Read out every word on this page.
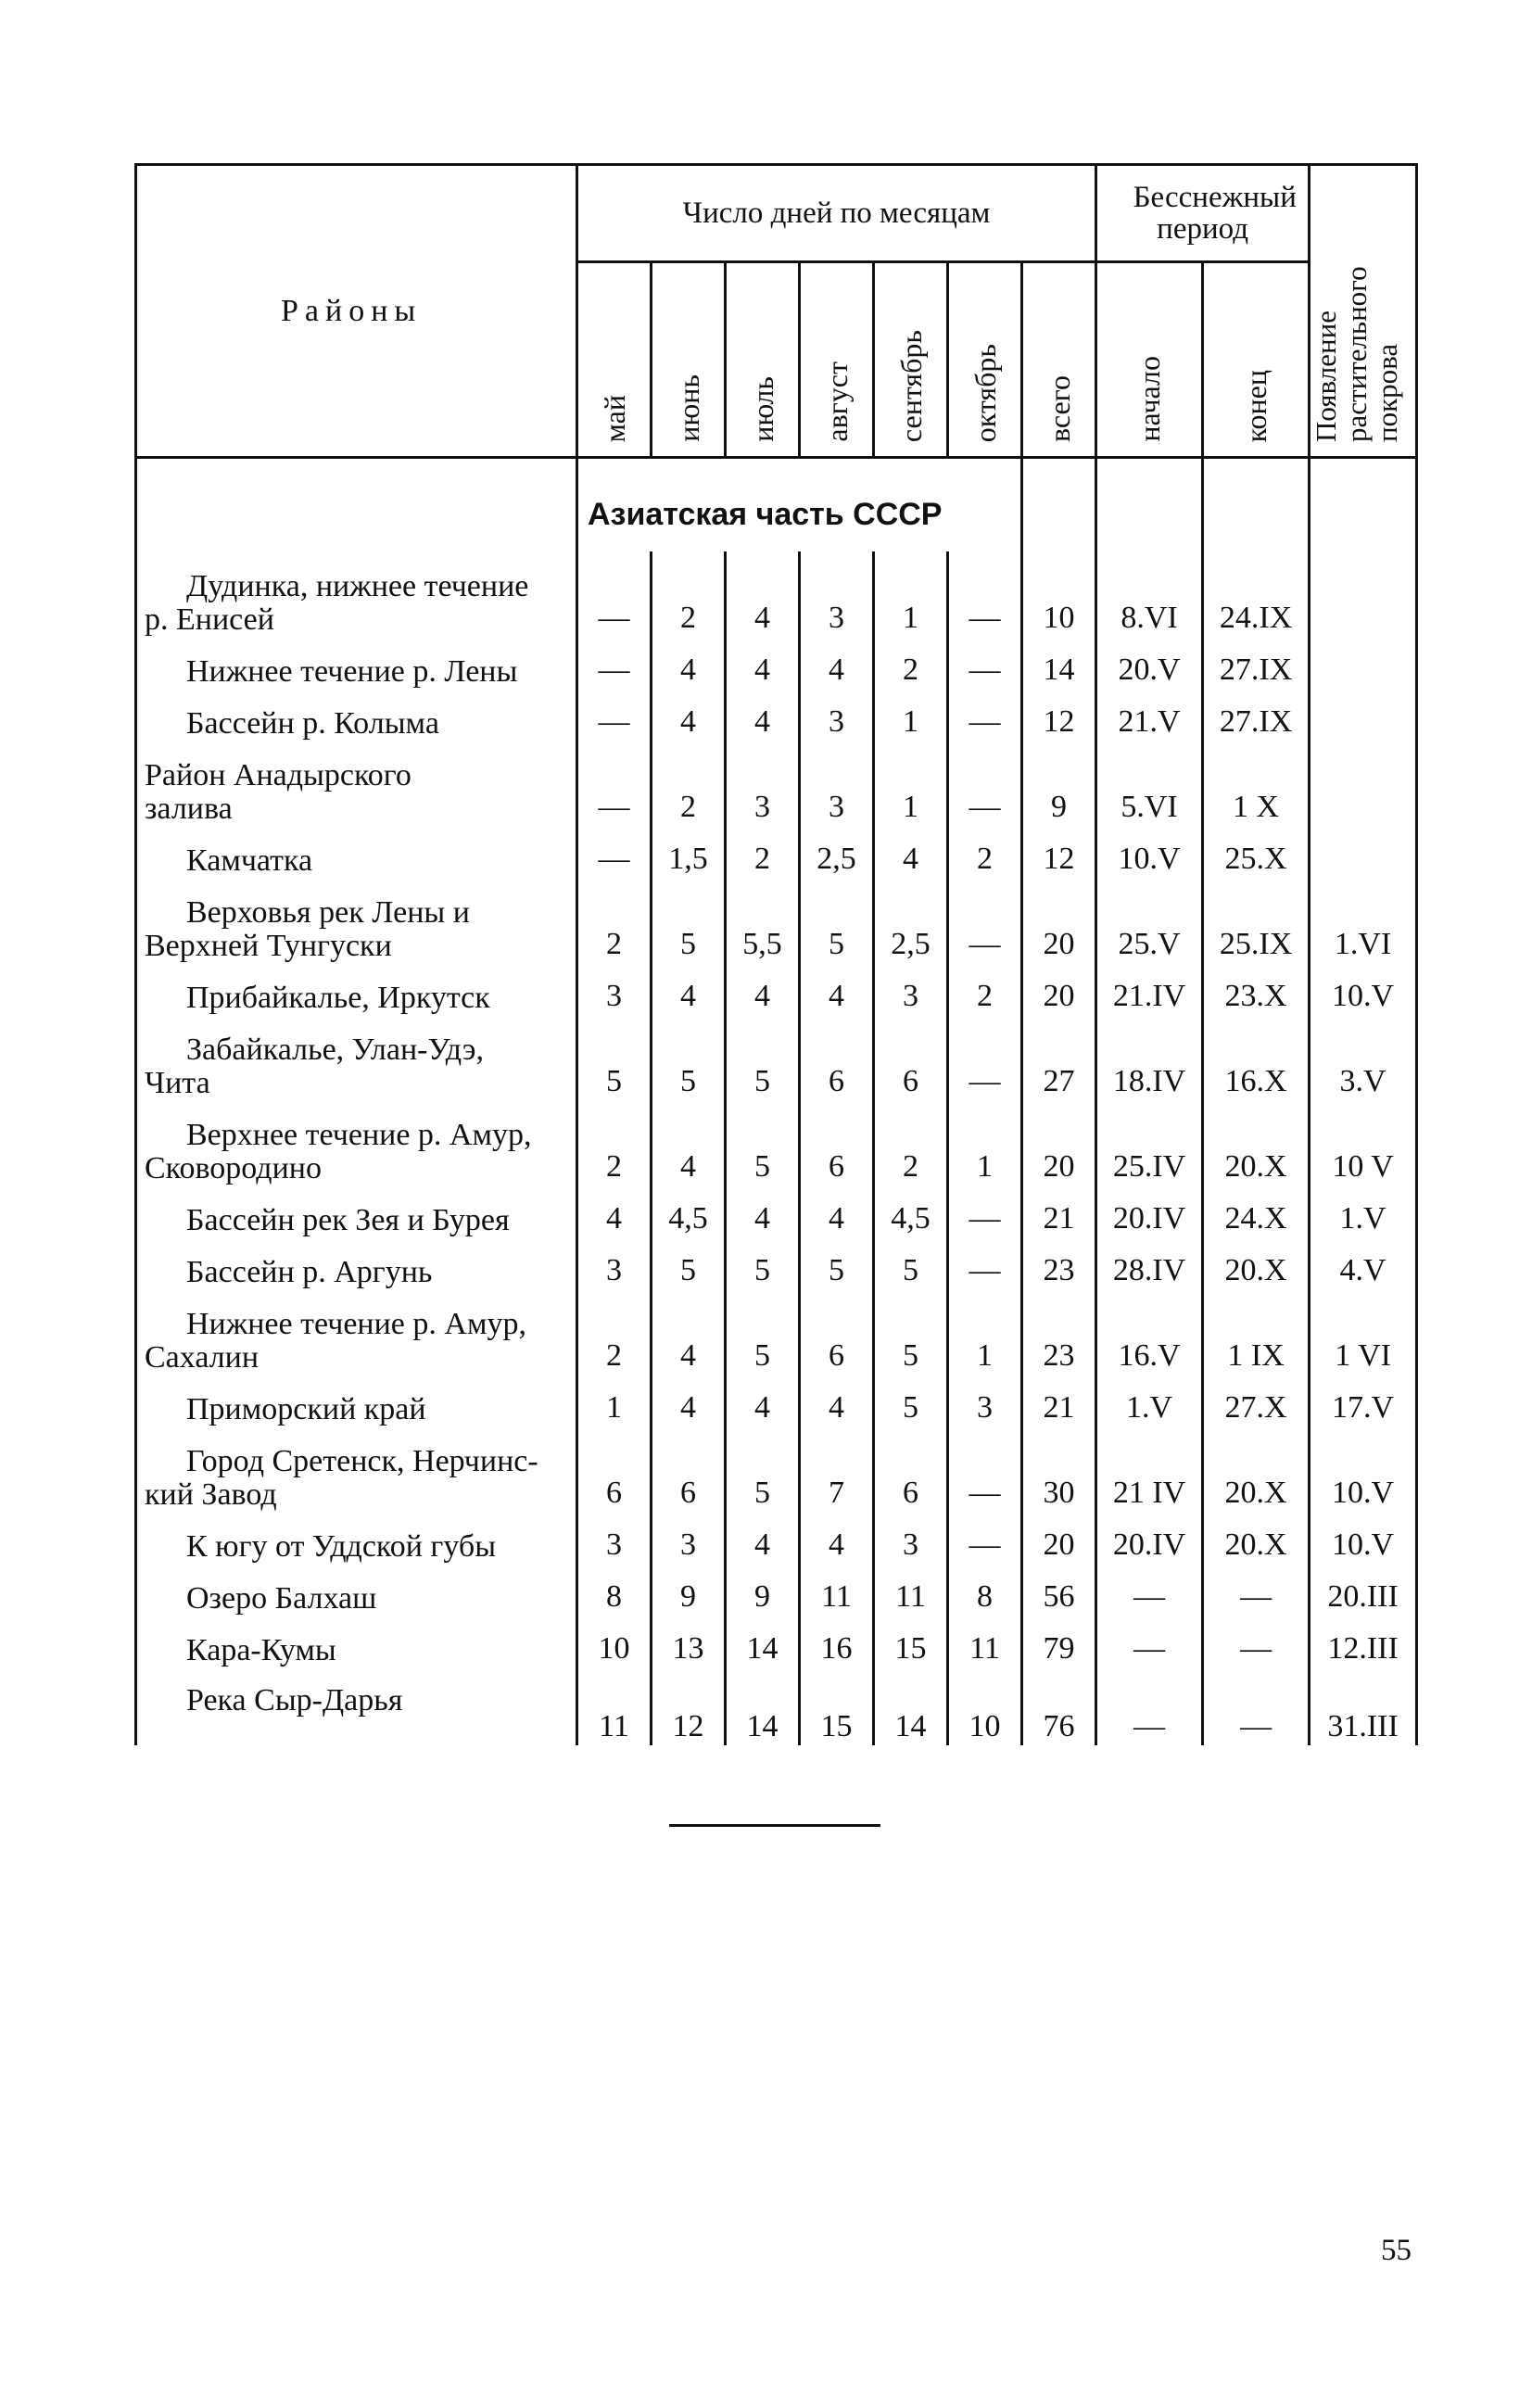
Районы	Число дней по месяцам							Бесснежный период		Появление растительного покрова
	май	июнь	июль	август	сентябрь	октябрь	всего	начало	конец	
	Азиатская часть СССР									

Дудинка, нижнее течение
р. Енисей	—	2	4	3	1	—	10	8.VI	24.IX	

Нижнее течение р. Лены	—	4	4	4	2	—	14	20.V	27.IX	

Бассейн р. Колыма	—	4	4	3	1	—	12	21.V	27.IX	

Район Анадырского
залива	—	2	3	3	1	—	9	5.VI	1 X	

Камчатка	—	1,5	2	2,5	4	2	12	10.V	25.X	

Верховья рек Лены и
Верхней Тунгуски	2	5	5,5	5	2,5	—	20	25.V	25.IX	1.VI

Прибайкалье, Иркутск	3	4	4	4	3	2	20	21.IV	23.X	10.V

Забайкалье, Улан-Удэ,
Чита	5	5	5	6	6	—	27	18.IV	16.X	3.V

Верхнее течение р. Амур,
Сковородино	2	4	5	6	2	1	20	25.IV	20.X	10 V

Бассейн рек Зея и Бурея	4	4,5	4	4	4,5	—	21	20.IV	24.X	1.V

Бассейн р. Аргунь	3	5	5	5	5	—	23	28.IV	20.X	4.V

Нижнее течение р. Амур,
Сахалин	2	4	5	6	5	1	23	16.V	1 IX	1 VI

Приморский край	1	4	4	4	5	3	21	1.V	27.X	17.V

Город Сретенск, Нерчинс-
кий Завод	6	6	5	7	6	—	30	21 IV	20.X	10.V

К югу от Уддской губы	3	3	4	4	3	—	20	20.IV	20.X	10.V

Озеро Балхаш	8	9	9	11	11	8	56	—	—	20.III

Кара-Кумы	10	13	14	16	15	11	79	—	—	12.III

Река Сыр-Дарья	11	12	14	15	14	10	76	—	—	31.III
55
